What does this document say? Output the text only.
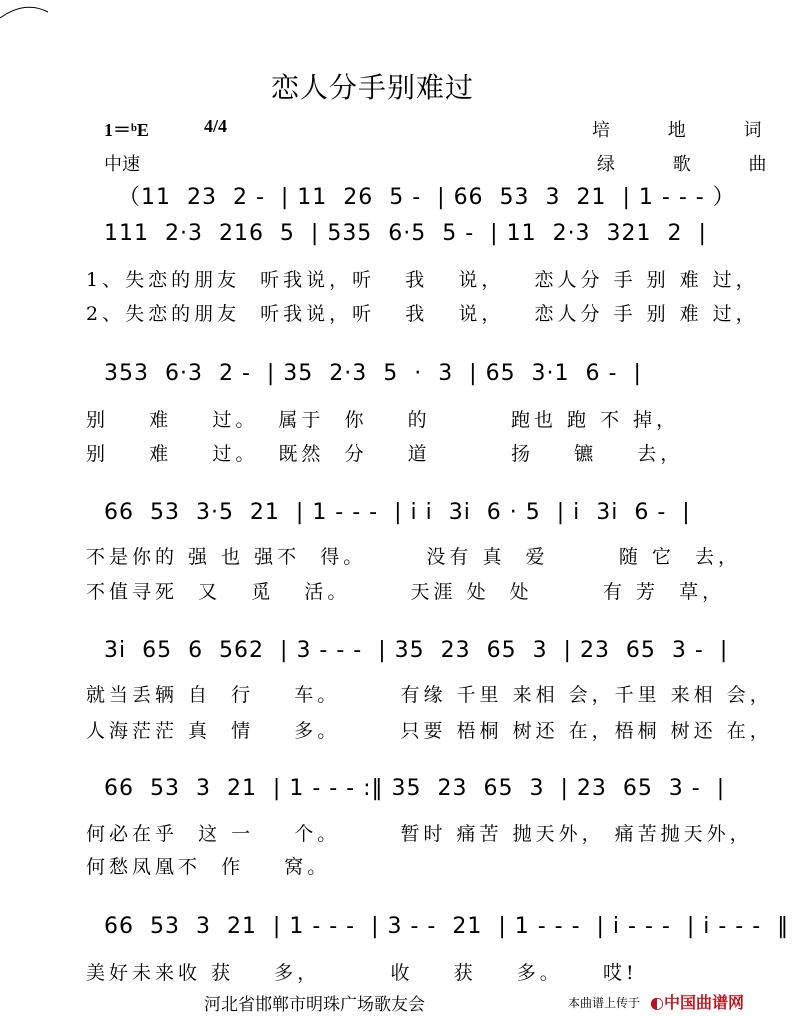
恋人分手别难过
1＝ᵇE	4/4
中速
培 地 词
绿 歌 曲
（11  23  2 -  | 11  26  5 -  | 66  53  3  21  | 1 - - - ）
111  2·3  216  5  | 535  6·5  5 -  | 11  2·3  321  2  |
1、失恋的朋友  听我说，听   我   说，   恋人分 手 别 难 过，
2、失恋的朋友  听我说，听   我   说，   恋人分 手 别 难 过，
353  6·3  2 -  | 35  2·3  5  ·  3  | 65  3·1  6 -  |
别    难    过。  属于  你    的        跑也 跑 不 掉，
别    难    过。  既然  分    道        扬    镳    去，
66  53  3·5  21  | 1 - - -  | i i  3i  6 · 5  | i  3i  6 -  |
不是你的 强 也 强不  得。      没有 真  爱       随 它  去，
不值寻死  又   觅   活。      天涯 处  处       有 芳  草，
3i  65  6  562  | 3 - - -  | 35  23  65  3  | 23  65  3 -  |
就当丢辆 自  行    车。      有缘 千里 来相 会，千里 来相 会，
人海茫茫 真  情    多。      只要 梧桐 树还 在，梧桐 树还 在，
66  53  3  21  | 1 - - - :‖ 35  23  65  3  | 23  65  3 -  |
何必在乎  这 一    个。      暂时 痛苦 抛天外， 痛苦抛天外，
何愁凤凰不  作    窝。
66  53  3  21  | 1 - - -  | 3 - -  21  | 1 - - -  | i - - -  | i - - -  ‖
美好未来收 获    多，       收    获    多。    哎!
河北省邯郸市明珠广场歌友会	本曲谱上传于 ◐中国曲谱网
